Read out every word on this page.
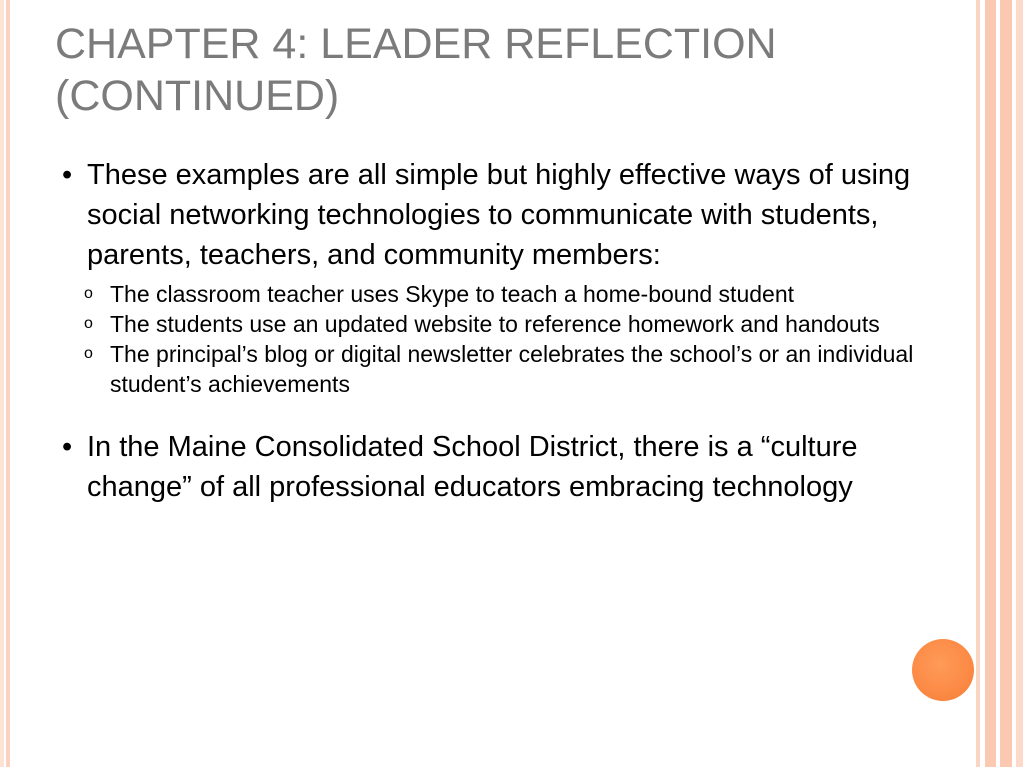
CHAPTER 4: LEADER REFLECTION
(CONTINUED)
• These examples are all simple but highly effective ways of using social networking technologies to communicate with students, parents, teachers, and community members:
o The classroom teacher uses Skype to teach a home-bound student
o The students use an updated website to reference homework and handouts
o The principal’s blog or digital newsletter celebrates the school’s or an individual student’s achievements
• In the Maine Consolidated School District, there is a “culture change” of all professional educators embracing technology
